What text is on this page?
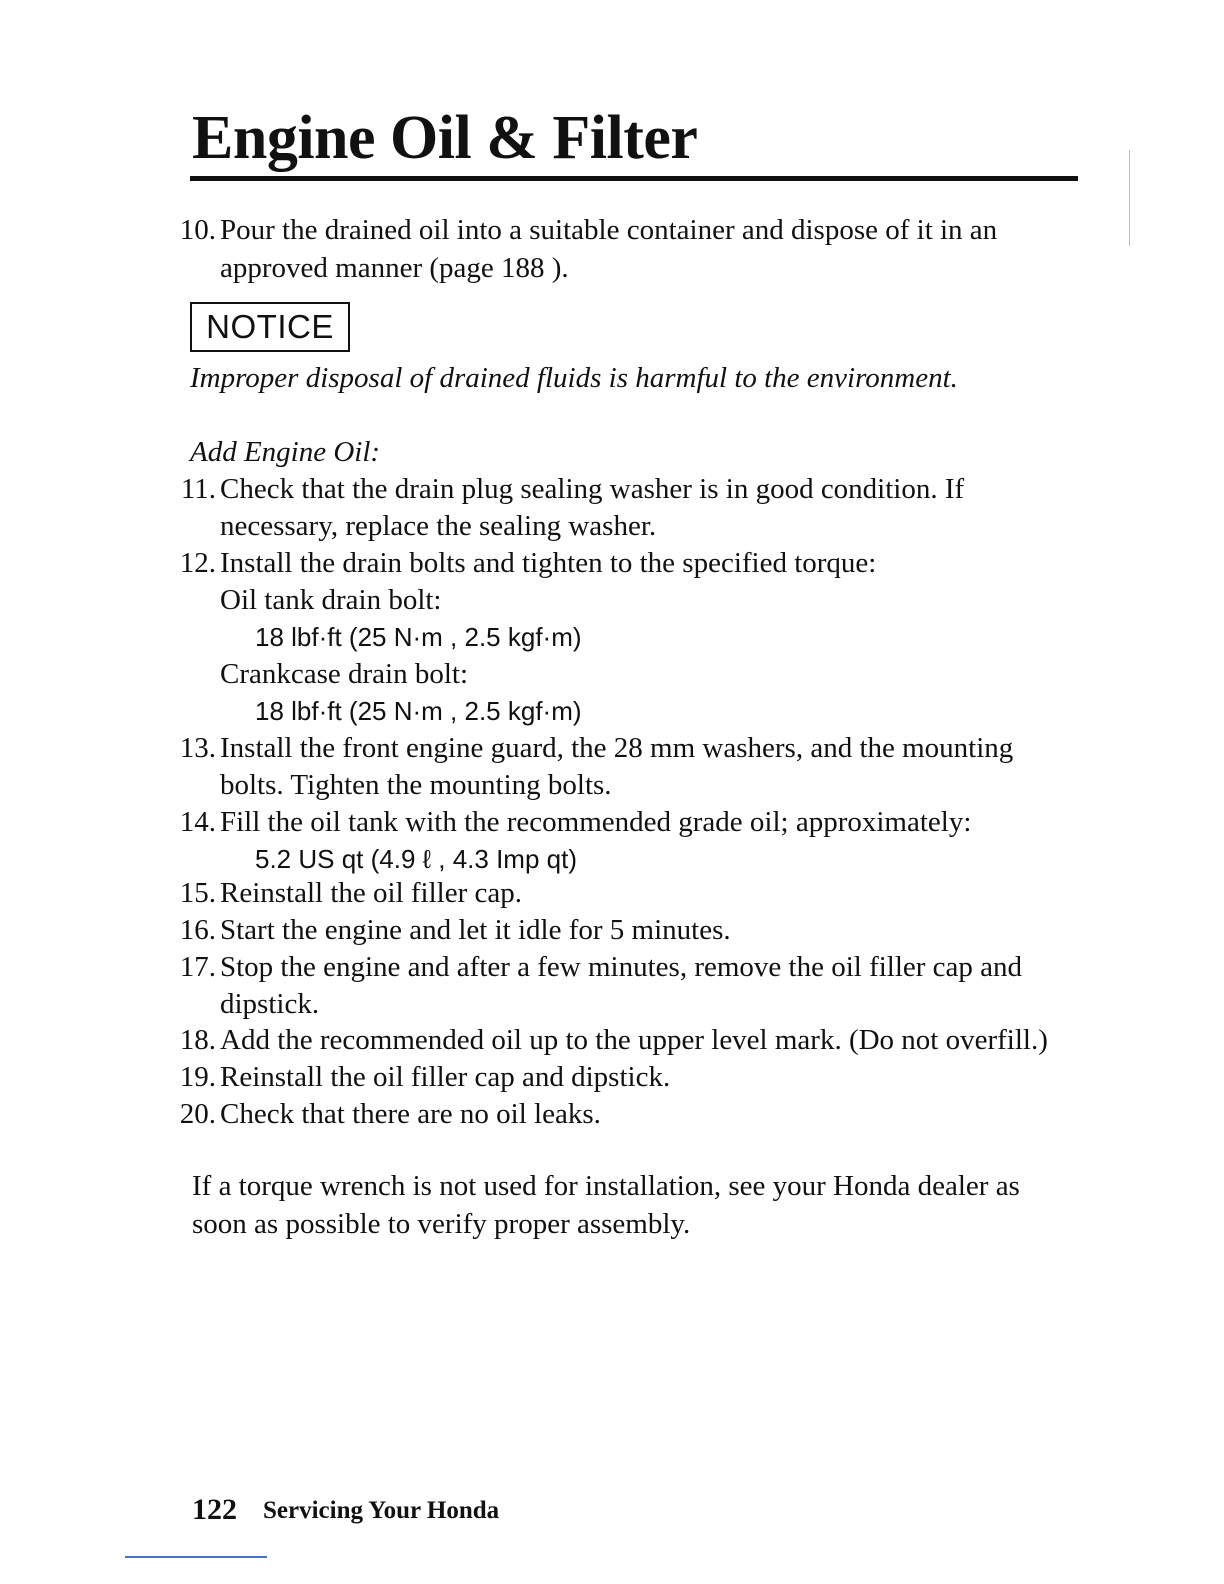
Engine Oil & Filter
10. Pour the drained oil into a suitable container and dispose of it in an
approved manner (page 188 ).
NOTICE
Improper disposal of drained fluids is harmful to the environment.
Add Engine Oil:
11. Check that the drain plug sealing washer is in good condition. If
necessary, replace the sealing washer.
12. Install the drain bolts and tighten to the specified torque:
Oil tank drain bolt:
18 lbf·ft (25 N·m , 2.5 kgf·m)
Crankcase drain bolt:
18 lbf·ft (25 N·m , 2.5 kgf·m)
13. Install the front engine guard, the 28 mm washers, and the mounting
bolts. Tighten the mounting bolts.
14. Fill the oil tank with the recommended grade oil; approximately:
5.2 US qt (4.9 ℓ , 4.3 Imp qt)
15. Reinstall the oil filler cap.
16. Start the engine and let it idle for 5 minutes.
17. Stop the engine and after a few minutes, remove the oil filler cap and
dipstick.
18. Add the recommended oil up to the upper level mark. (Do not overfill.)
19. Reinstall the oil filler cap and dipstick.
20. Check that there are no oil leaks.
If a torque wrench is not used for installation, see your Honda dealer as
soon as possible to verify proper assembly.
122 Servicing Your Honda
